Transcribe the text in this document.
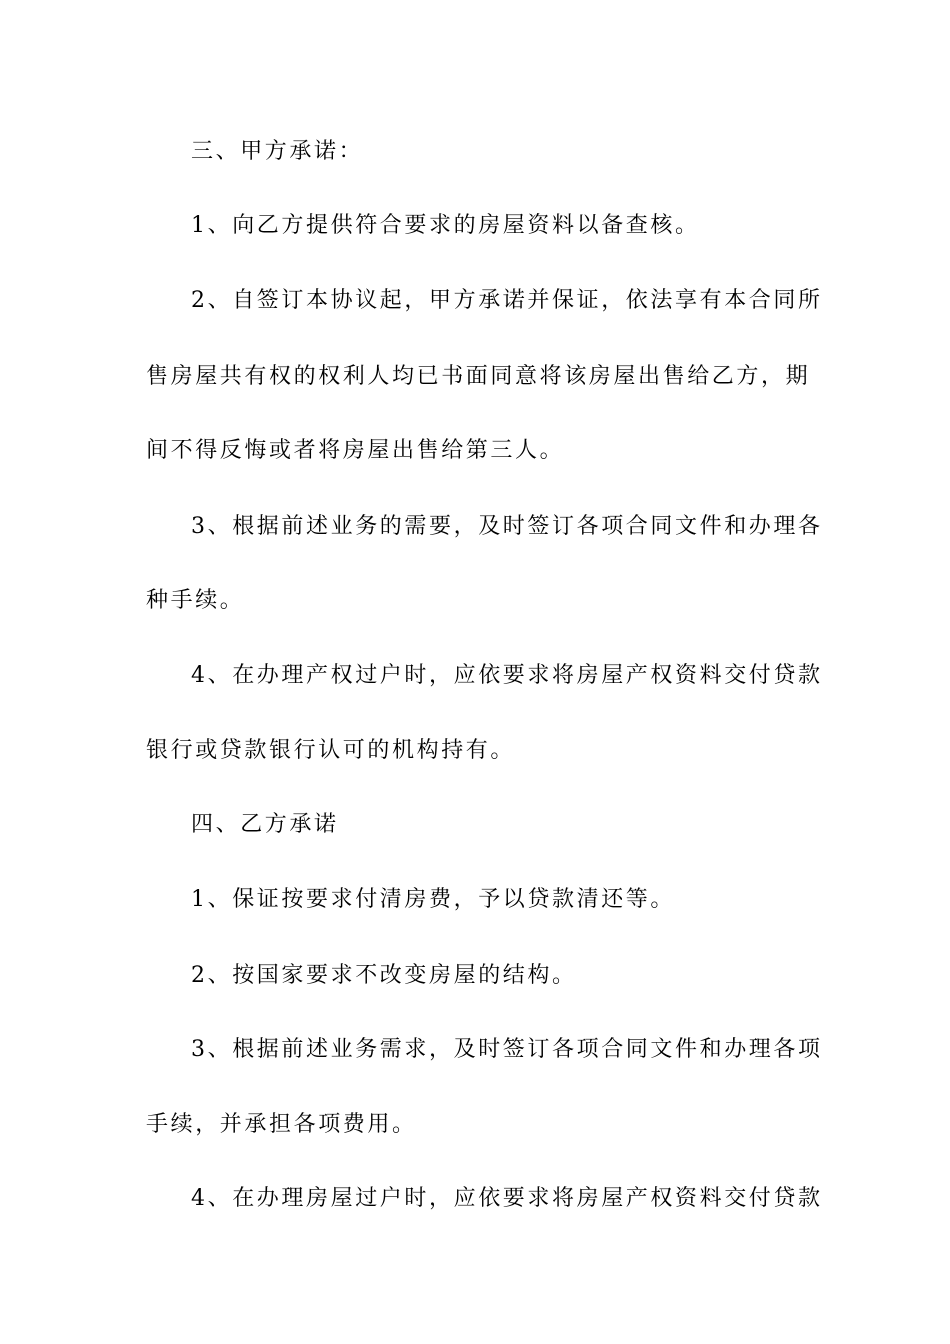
三、甲方承诺：
1、向乙方提供符合要求的房屋资料以备查核。
2、自签订本协议起，甲方承诺并保证，依法享有本合同所
售房屋共有权的权利人均已书面同意将该房屋出售给乙方，期
间不得反悔或者将房屋出售给第三人。
3、根据前述业务的需要，及时签订各项合同文件和办理各
种手续。
4、在办理产权过户时，应依要求将房屋产权资料交付贷款
银行或贷款银行认可的机构持有。
四、乙方承诺
1、保证按要求付清房费，予以贷款清还等。
2、按国家要求不改变房屋的结构。
3、根据前述业务需求，及时签订各项合同文件和办理各项
手续，并承担各项费用。
4、在办理房屋过户时，应依要求将房屋产权资料交付贷款
